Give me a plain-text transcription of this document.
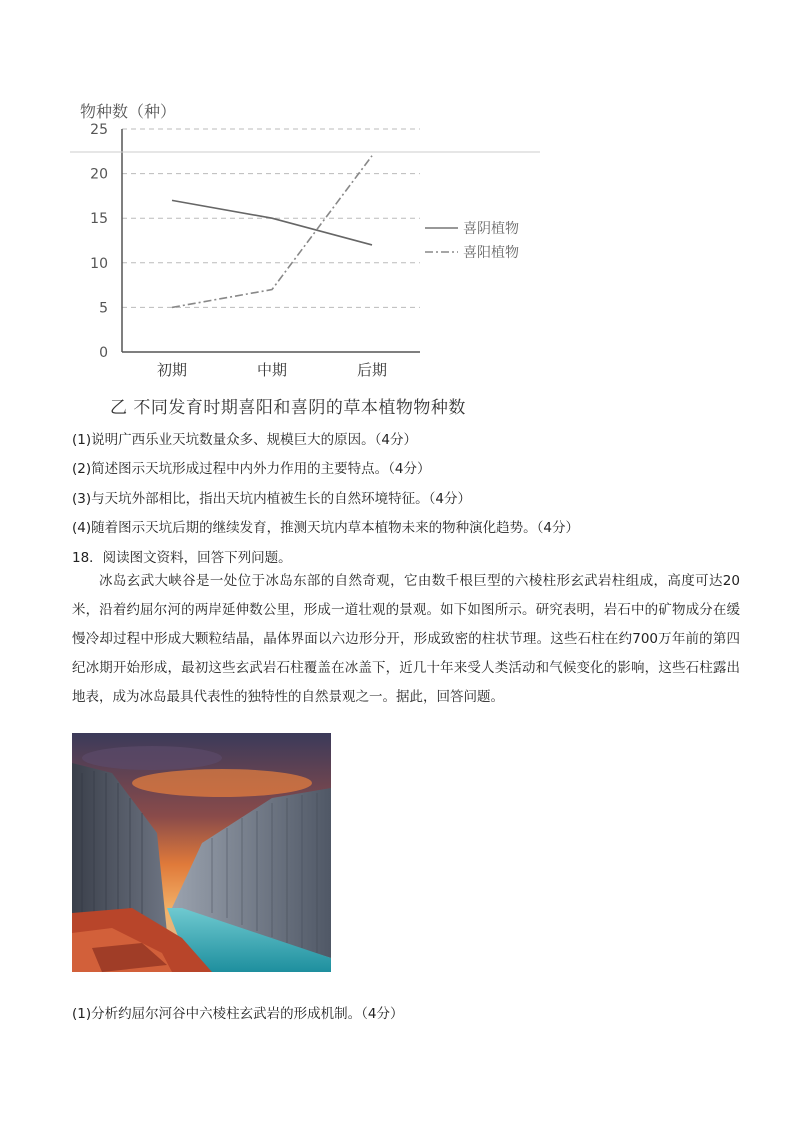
物种数（种）
0
5
10
15
20
25
初期	中期	后期
喜阴植物
喜阳植物
乙 不同发育时期喜阳和喜阴的草本植物物种数
(1)说明广西乐业天坑数量众多、规模巨大的原因。（4分）
(2)简述图示天坑形成过程中内外力作用的主要特点。（4分）
(3)与天坑外部相比，指出天坑内植被生长的自然环境特征。（4分）
(4)随着图示天坑后期的继续发育，推测天坑内草本植物未来的物种演化趋势。（4分）
18．阅读图文资料，回答下列问题。
冰岛玄武大峡谷是一处位于冰岛东部的自然奇观，它由数千根巨型的六棱柱形玄武岩柱组成，高度可达20米，沿着约屈尔河的两岸延伸数公里，形成一道壮观的景观。如下如图所示。研究表明，岩石中的矿物成分在缓慢冷却过程中形成大颗粒结晶，晶体界面以六边形分开，形成致密的柱状节理。这些石柱在约700万年前的第四纪冰期开始形成，最初这些玄武岩石柱覆盖在冰盖下，近几十年来受人类活动和气候变化的影响，这些石柱露出地表，成为冰岛最具代表性的独特性的自然景观之一。据此，回答问题。
(1)分析约屈尔河谷中六棱柱玄武岩的形成机制。（4分）
